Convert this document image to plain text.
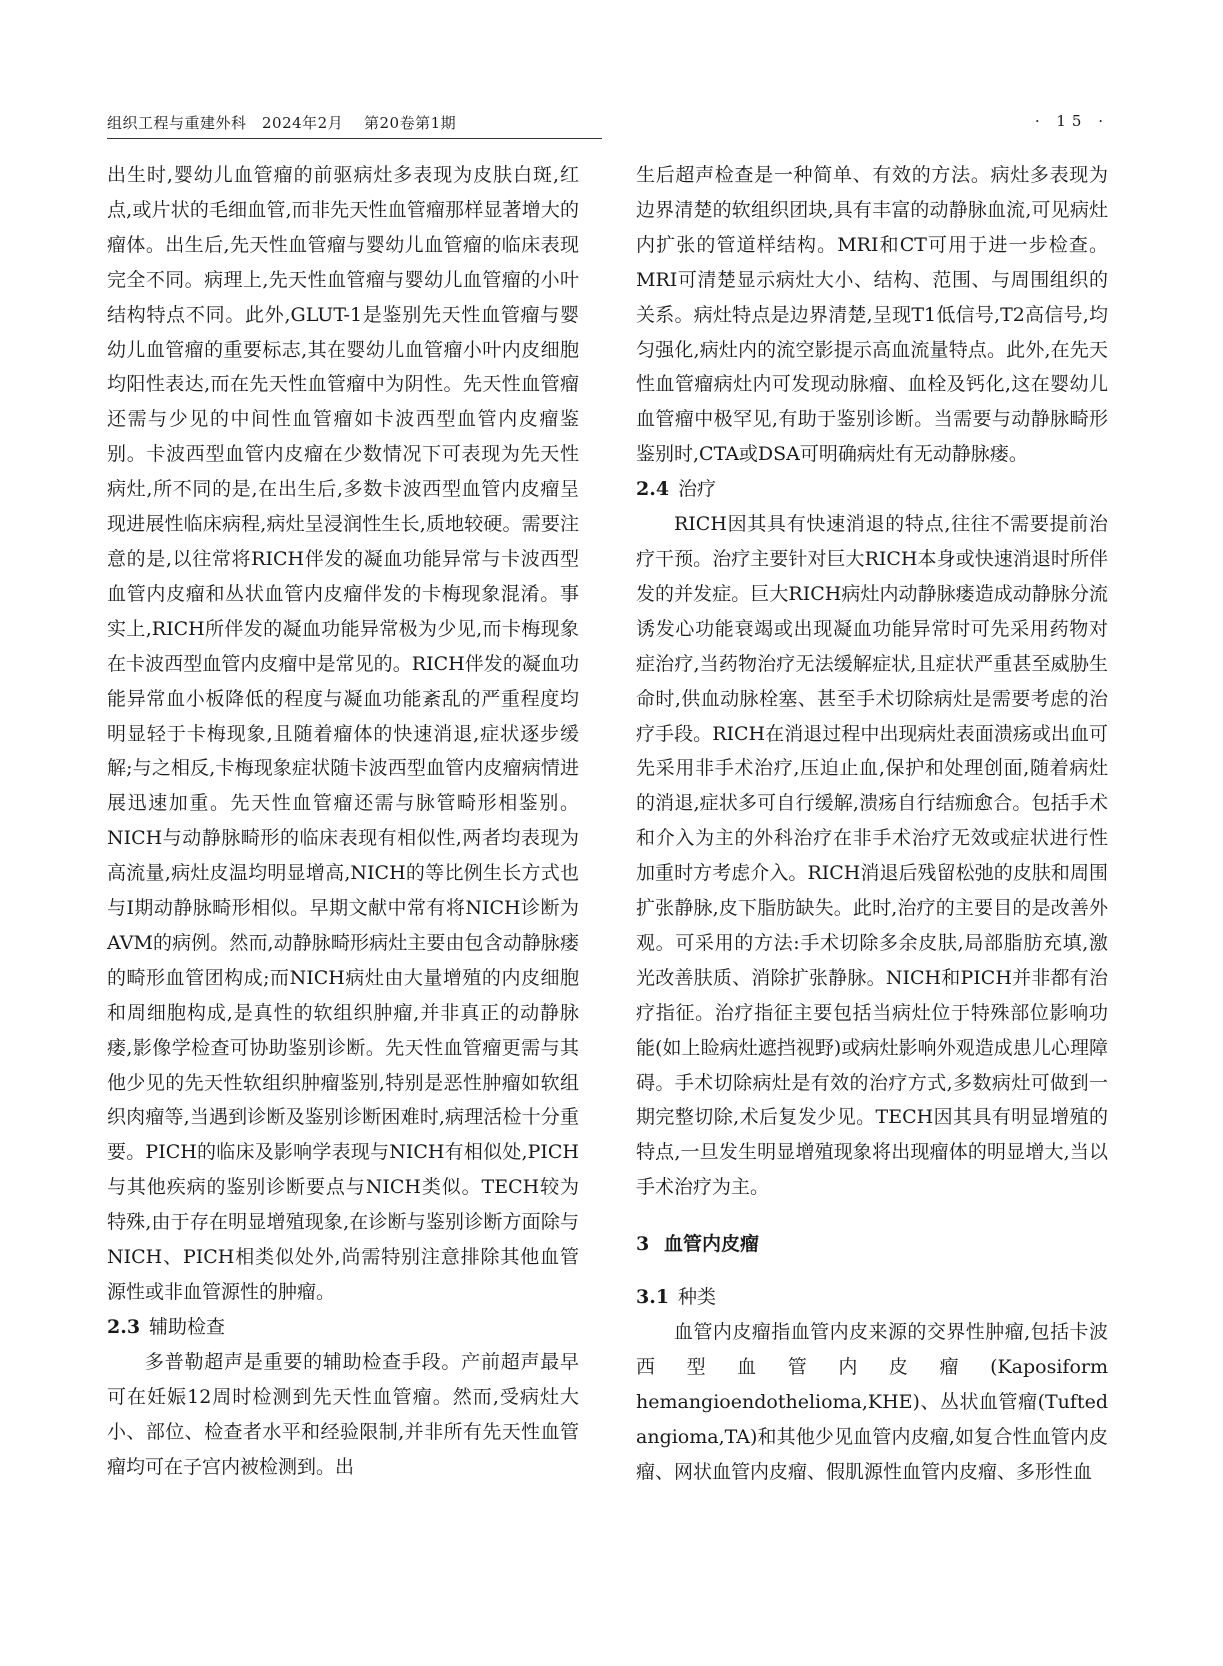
组织工程与重建外科　2024年2月　 第20卷第1期	· 15 ·

出生时,婴幼儿血管瘤的前驱病灶多表现为皮肤白斑,红点,或片状的毛细血管,而非先天性血管瘤那样显著增大的瘤体。出生后,先天性血管瘤与婴幼儿血管瘤的临床表现完全不同。病理上,先天性血管瘤与婴幼儿血管瘤的小叶结构特点不同。此外,GLUT-1是鉴别先天性血管瘤与婴幼儿血管瘤的重要标志,其在婴幼儿血管瘤小叶内皮细胞均阳性表达,而在先天性血管瘤中为阴性。先天性血管瘤还需与少见的中间性血管瘤如卡波西型血管内皮瘤鉴别。卡波西型血管内皮瘤在少数情况下可表现为先天性病灶,所不同的是,在出生后,多数卡波西型血管内皮瘤呈现进展性临床病程,病灶呈浸润性生长,质地较硬。需要注意的是,以往常将RICH伴发的凝血功能异常与卡波西型血管内皮瘤和丛状血管内皮瘤伴发的卡梅现象混淆。事实上,RICH所伴发的凝血功能异常极为少见,而卡梅现象在卡波西型血管内皮瘤中是常见的。RICH伴发的凝血功能异常血小板降低的程度与凝血功能紊乱的严重程度均明显轻于卡梅现象,且随着瘤体的快速消退,症状逐步缓解;与之相反,卡梅现象症状随卡波西型血管内皮瘤病情进展迅速加重。先天性血管瘤还需与脉管畸形相鉴别。NICH与动静脉畸形的临床表现有相似性,两者均表现为高流量,病灶皮温均明显增高,NICH的等比例生长方式也与Ⅰ期动静脉畸形相似。早期文献中常有将NICH诊断为AVM的病例。然而,动静脉畸形病灶主要由包含动静脉瘘的畸形血管团构成;而NICH病灶由大量增殖的内皮细胞和周细胞构成,是真性的软组织肿瘤,并非真正的动静脉瘘,影像学检查可协助鉴别诊断。先天性血管瘤更需与其他少见的先天性软组织肿瘤鉴别,特别是恶性肿瘤如软组织肉瘤等,当遇到诊断及鉴别诊断困难时,病理活检十分重要。PICH的临床及影响学表现与NICH有相似处,PICH与其他疾病的鉴别诊断要点与NICH类似。TECH较为特殊,由于存在明显增殖现象,在诊断与鉴别诊断方面除与NICH、PICH相类似处外,尚需特别注意排除其他血管源性或非血管源性的肿瘤。

2.3 辅助检查

多普勒超声是重要的辅助检查手段。产前超声最早可在妊娠12周时检测到先天性血管瘤。然而,受病灶大小、部位、检查者水平和经验限制,并非所有先天性血管瘤均可在子宫内被检测到。出

生后超声检查是一种简单、有效的方法。病灶多表现为边界清楚的软组织团块,具有丰富的动静脉血流,可见病灶内扩张的管道样结构。MRI和CT可用于进一步检查。MRI可清楚显示病灶大小、结构、范围、与周围组织的关系。病灶特点是边界清楚,呈现T1低信号,T2高信号,均匀强化,病灶内的流空影提示高血流量特点。此外,在先天性血管瘤病灶内可发现动脉瘤、血栓及钙化,这在婴幼儿血管瘤中极罕见,有助于鉴别诊断。当需要与动静脉畸形鉴别时,CTA或DSA可明确病灶有无动静脉瘘。

2.4 治疗

RICH因其具有快速消退的特点,往往不需要提前治疗干预。治疗主要针对巨大RICH本身或快速消退时所伴发的并发症。巨大RICH病灶内动静脉瘘造成动静脉分流诱发心功能衰竭或出现凝血功能异常时可先采用药物对症治疗,当药物治疗无法缓解症状,且症状严重甚至威胁生命时,供血动脉栓塞、甚至手术切除病灶是需要考虑的治疗手段。RICH在消退过程中出现病灶表面溃疡或出血可先采用非手术治疗,压迫止血,保护和处理创面,随着病灶的消退,症状多可自行缓解,溃疡自行结痂愈合。包括手术和介入为主的外科治疗在非手术治疗无效或症状进行性加重时方考虑介入。RICH消退后残留松弛的皮肤和周围扩张静脉,皮下脂肪缺失。此时,治疗的主要目的是改善外观。可采用的方法:手术切除多余皮肤,局部脂肪充填,激光改善肤质、消除扩张静脉。NICH和PICH并非都有治疗指征。治疗指征主要包括当病灶位于特殊部位影响功能(如上睑病灶遮挡视野)或病灶影响外观造成患儿心理障碍。手术切除病灶是有效的治疗方式,多数病灶可做到一期完整切除,术后复发少见。TECH因其具有明显增殖的特点,一旦发生明显增殖现象将出现瘤体的明显增大,当以手术治疗为主。

3 血管内皮瘤
3.1 种类

血管内皮瘤指血管内皮来源的交界性肿瘤,包括卡波西型血管内皮瘤(Kaposiform hemangioendothelioma,KHE)、丛状血管瘤(Tufted angioma,TA)和其他少见血管内皮瘤,如复合性血管内皮瘤、网状血管内皮瘤、假肌源性血管内皮瘤、多形性血
